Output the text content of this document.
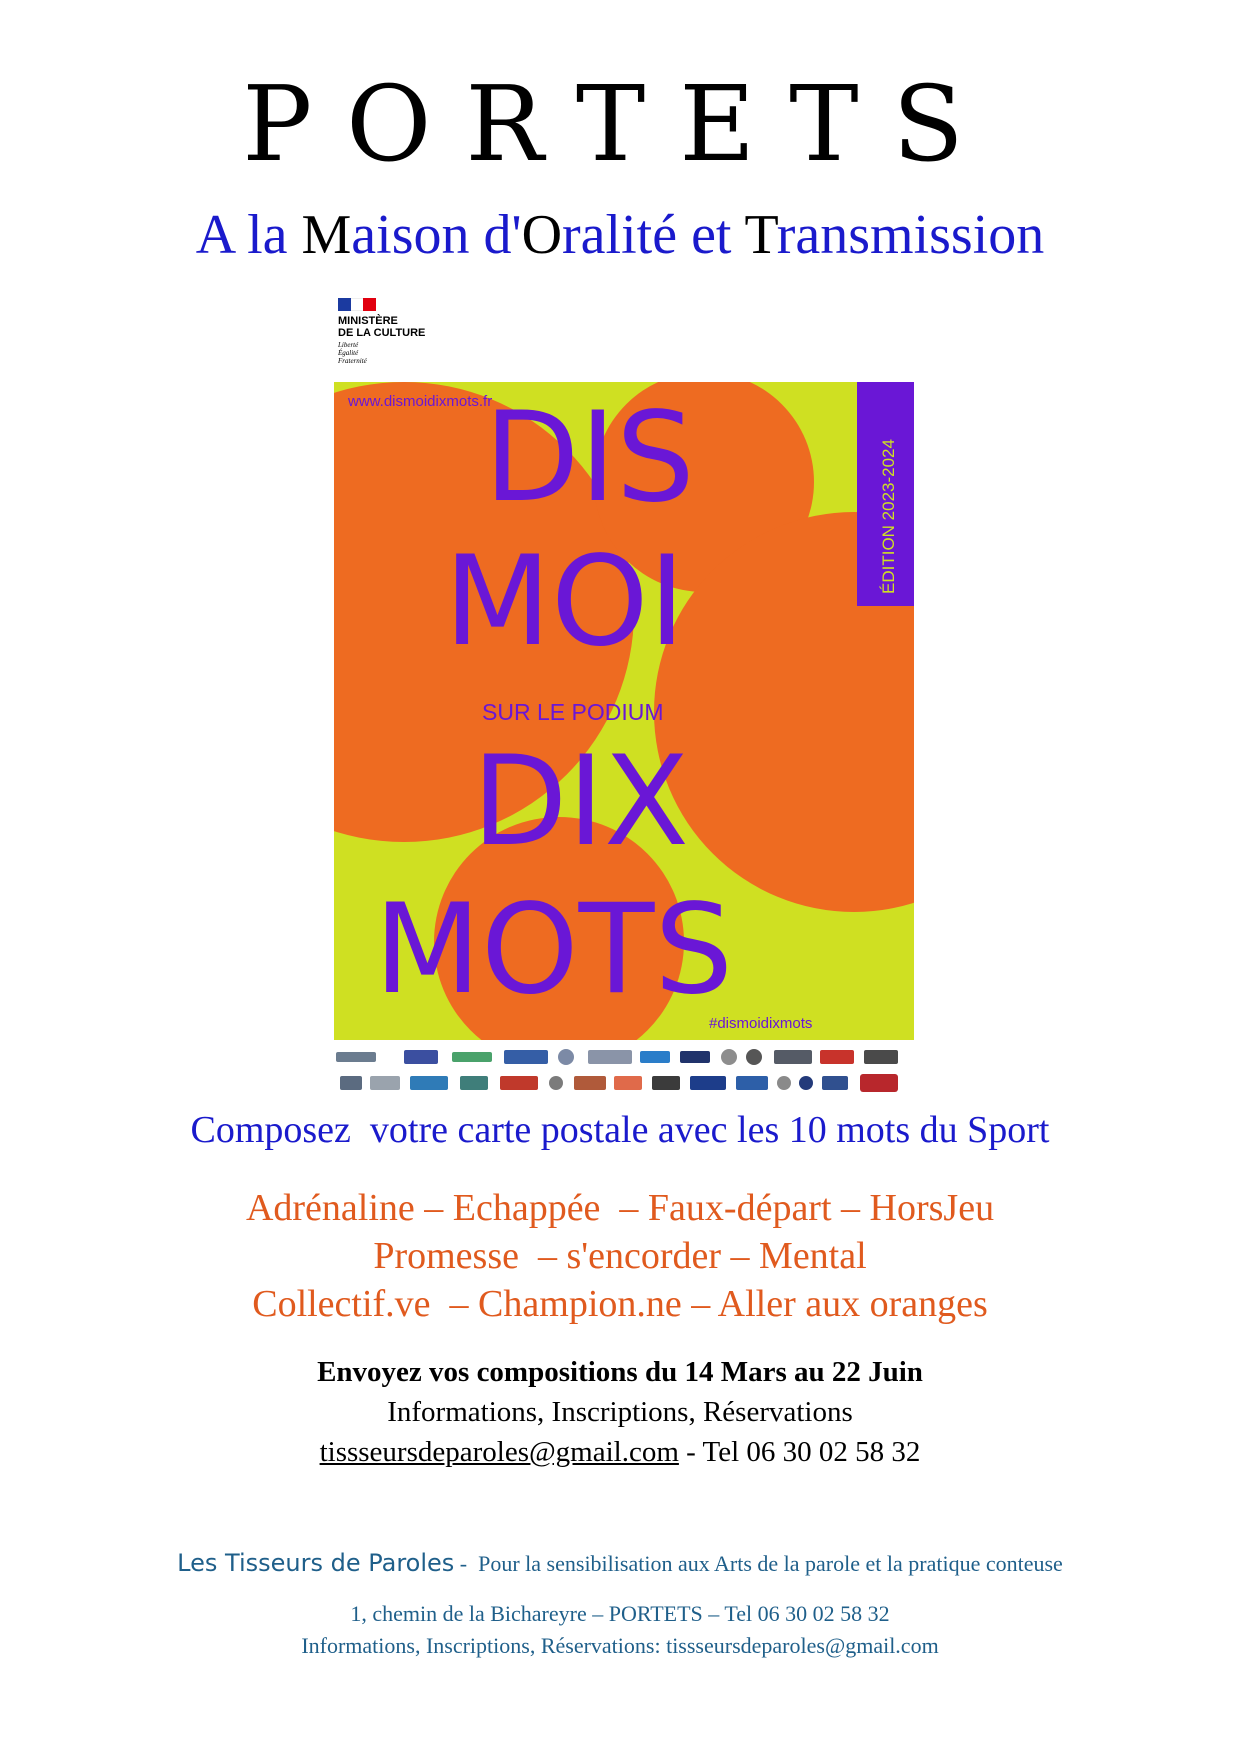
PORTETS
A la Maison d'Oralité et Transmission
MINISTÈRE
DE LA CULTURE
Liberté
Égalité
Fraternité
www.dismoidixmots.fr
DIS
MOI
SUR LE PODIUM
DIX
MOTS
ÉDITION 2023-2024
#dismoidixmots
Composez  votre carte postale avec les 10 mots du Sport
Adrénaline – Echappée  – Faux-départ – HorsJeu
Promesse  – s'encorder – Mental
Collectif.ve  – Champion.ne – Aller aux oranges
Envoyez vos compositions du 14 Mars au 22 Juin
Informations, Inscriptions, Réservations
tissseursdeparoles@gmail.com - Tel 06 30 02 58 32
Les Tisseurs de Paroles -  Pour la sensibilisation aux Arts de la parole et la pratique conteuse
1, chemin de la Bichareyre – PORTETS – Tel 06 30 02 58 32
Informations, Inscriptions, Réservations: tissseursdeparoles@gmail.com
